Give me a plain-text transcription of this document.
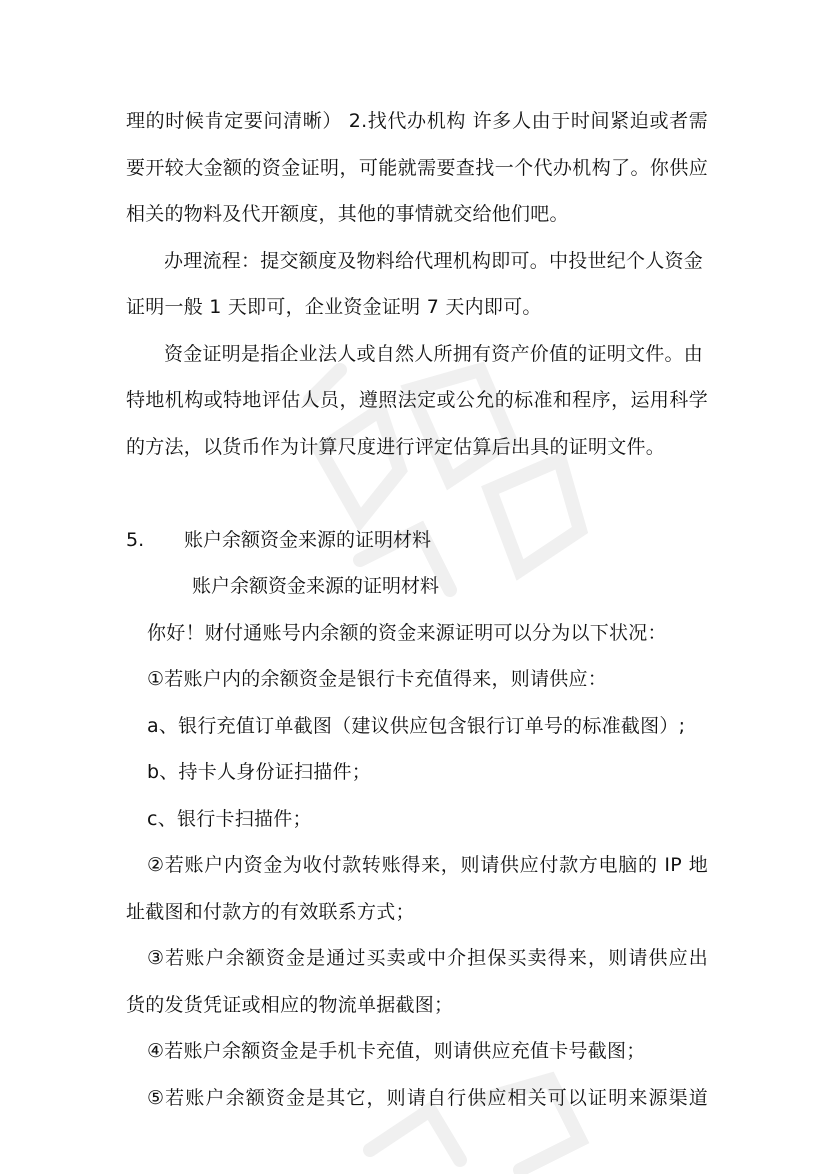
理的时候肯定要问清晰） 2.找代办机构 许多人由于时间紧迫或者需
要开较大金额的资金证明，可能就需要查找一个代办机构了。你供应
相关的物料及代开额度，其他的事情就交给他们吧。
办理流程：提交额度及物料给代理机构即可。中投世纪个人资金
证明一般 1 天即可，企业资金证明 7 天内即可。
资金证明是指企业法人或自然人所拥有资产价值的证明文件。由
特地机构或特地评估人员，遵照法定或公允的标准和程序，运用科学
的方法，以货币作为计算尺度进行评定估算后出具的证明文件。
5. 账户余额资金来源的证明材料
账户余额资金来源的证明材料
你好！财付通账号内余额的资金来源证明可以分为以下状况：
①若账户内的余额资金是银行卡充值得来，则请供应：
a、银行充值订单截图（建议供应包含银行订单号的标准截图）;
b、持卡人身份证扫描件；
c、银行卡扫描件；
②若账户内资金为收付款转账得来，则请供应付款方电脑的 IP 地
址截图和付款方的有效联系方式；
③若账户余额资金是通过买卖或中介担保买卖得来，则请供应出
货的发货凭证或相应的物流单据截图；
④若账户余额资金是手机卡充值，则请供应充值卡号截图；
⑤若账户余额资金是其它，则请自行供应相关可以证明来源渠道
